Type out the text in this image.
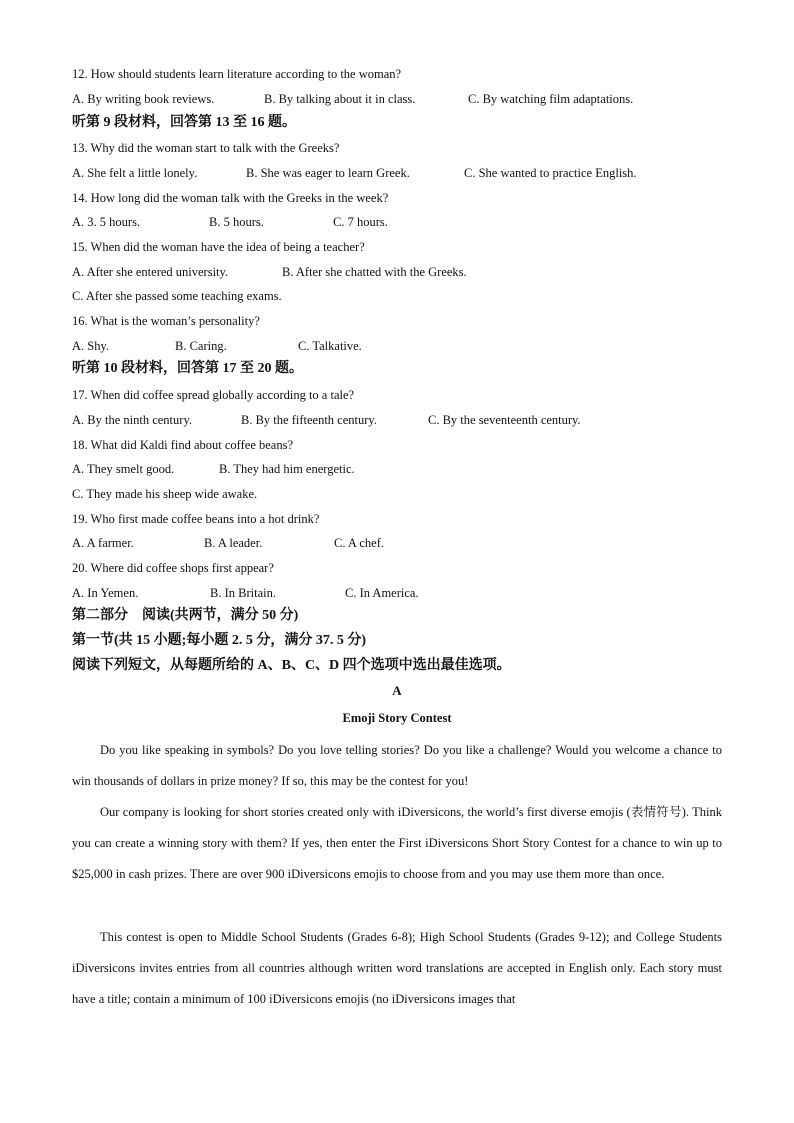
12. How should students learn literature according to the woman?
A. By writing book reviews.	B. By talking about it in class.	C. By watching film adaptations.
听第 9 段材料，回答第 13 至 16 题。
13. Why did the woman start to talk with the Greeks?
A. She felt a little lonely.	B. She was eager to learn Greek.	C. She wanted to practice English.
14. How long did the woman talk with the Greeks in the week?
A. 3. 5 hours.	B. 5 hours.	C. 7 hours.
15. When did the woman have the idea of being a teacher?
A. After she entered university.	B. After she chatted with the Greeks.
C. After she passed some teaching exams.
16. What is the woman’s personality?
A. Shy.	B. Caring.	C. Talkative.
听第 10 段材料，回答第 17 至 20 题。
17. When did coffee spread globally according to a tale?
A. By the ninth century.	B. By the fifteenth century.	C. By the seventeenth century.
18. What did Kaldi find about coffee beans?
A. They smelt good.	B. They had him energetic.
C. They made his sheep wide awake.
19. Who first made coffee beans into a hot drink?
A. A farmer.	B. A leader.	C. A chef.
20. Where did coffee shops first appear?
A. In Yemen.	B. In Britain.	C. In America.
第二部分　阅读(共两节，满分 50 分)
第一节(共 15 小题;每小题 2. 5 分，满分 37. 5 分)
阅读下列短文，从每题所给的 A、B、C、D 四个选项中选出最佳选项。
A
Emoji Story Contest
Do you like speaking in symbols? Do you love telling stories? Do you like a challenge? Would you welcome a chance to win thousands of dollars in prize money? If so, this may be the contest for you!
Our company is looking for short stories created only with iDiversicons, the world’s first diverse emojis (表情符号). Think you can create a winning story with them? If yes, then enter the First iDiversicons Short Story Contest for a chance to win up to $25,000 in cash prizes. There are over 900 iDiversicons emojis to choose from and you may use them more than once.
This contest is open to Middle School Students (Grades 6-8); High School Students (Grades 9-12); and College Students iDiversicons invites entries from all countries although written word translations are accepted in English only. Each story must have a title; contain a minimum of 100 iDiversicons emojis (no iDiversicons images that
